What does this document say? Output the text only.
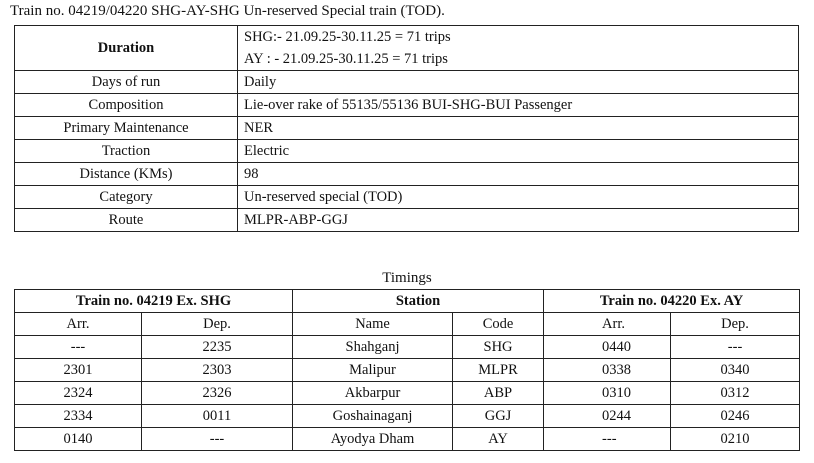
Train no. 04219/04220 SHG-AY-SHG Un-reserved Special train (TOD).
Duration	SHG:- 21.09.25-30.11.25 = 71 trips
AY : - 21.09.25-30.11.25 = 71 trips

Days of run	Daily
Composition	Lie-over rake of 55135/55136 BUI-SHG-BUI Passenger
Primary Maintenance	NER
Traction	Electric
Distance (KMs)	98
Category	Un-reserved special (TOD)
Route	MLPR-ABP-GGJ
Timings
Train no. 04219 Ex. SHG		Station		Train no. 04220 Ex. AY	
Arr.	Dep.	Name	Code	Arr.	Dep.
---	2235	Shahganj	SHG	0440	---
2301	2303	Malipur	MLPR	0338	0340
2324	2326	Akbarpur	ABP	0310	0312
2334	0011	Goshainaganj	GGJ	0244	0246
0140	---	Ayodya Dham	AY	---	0210
